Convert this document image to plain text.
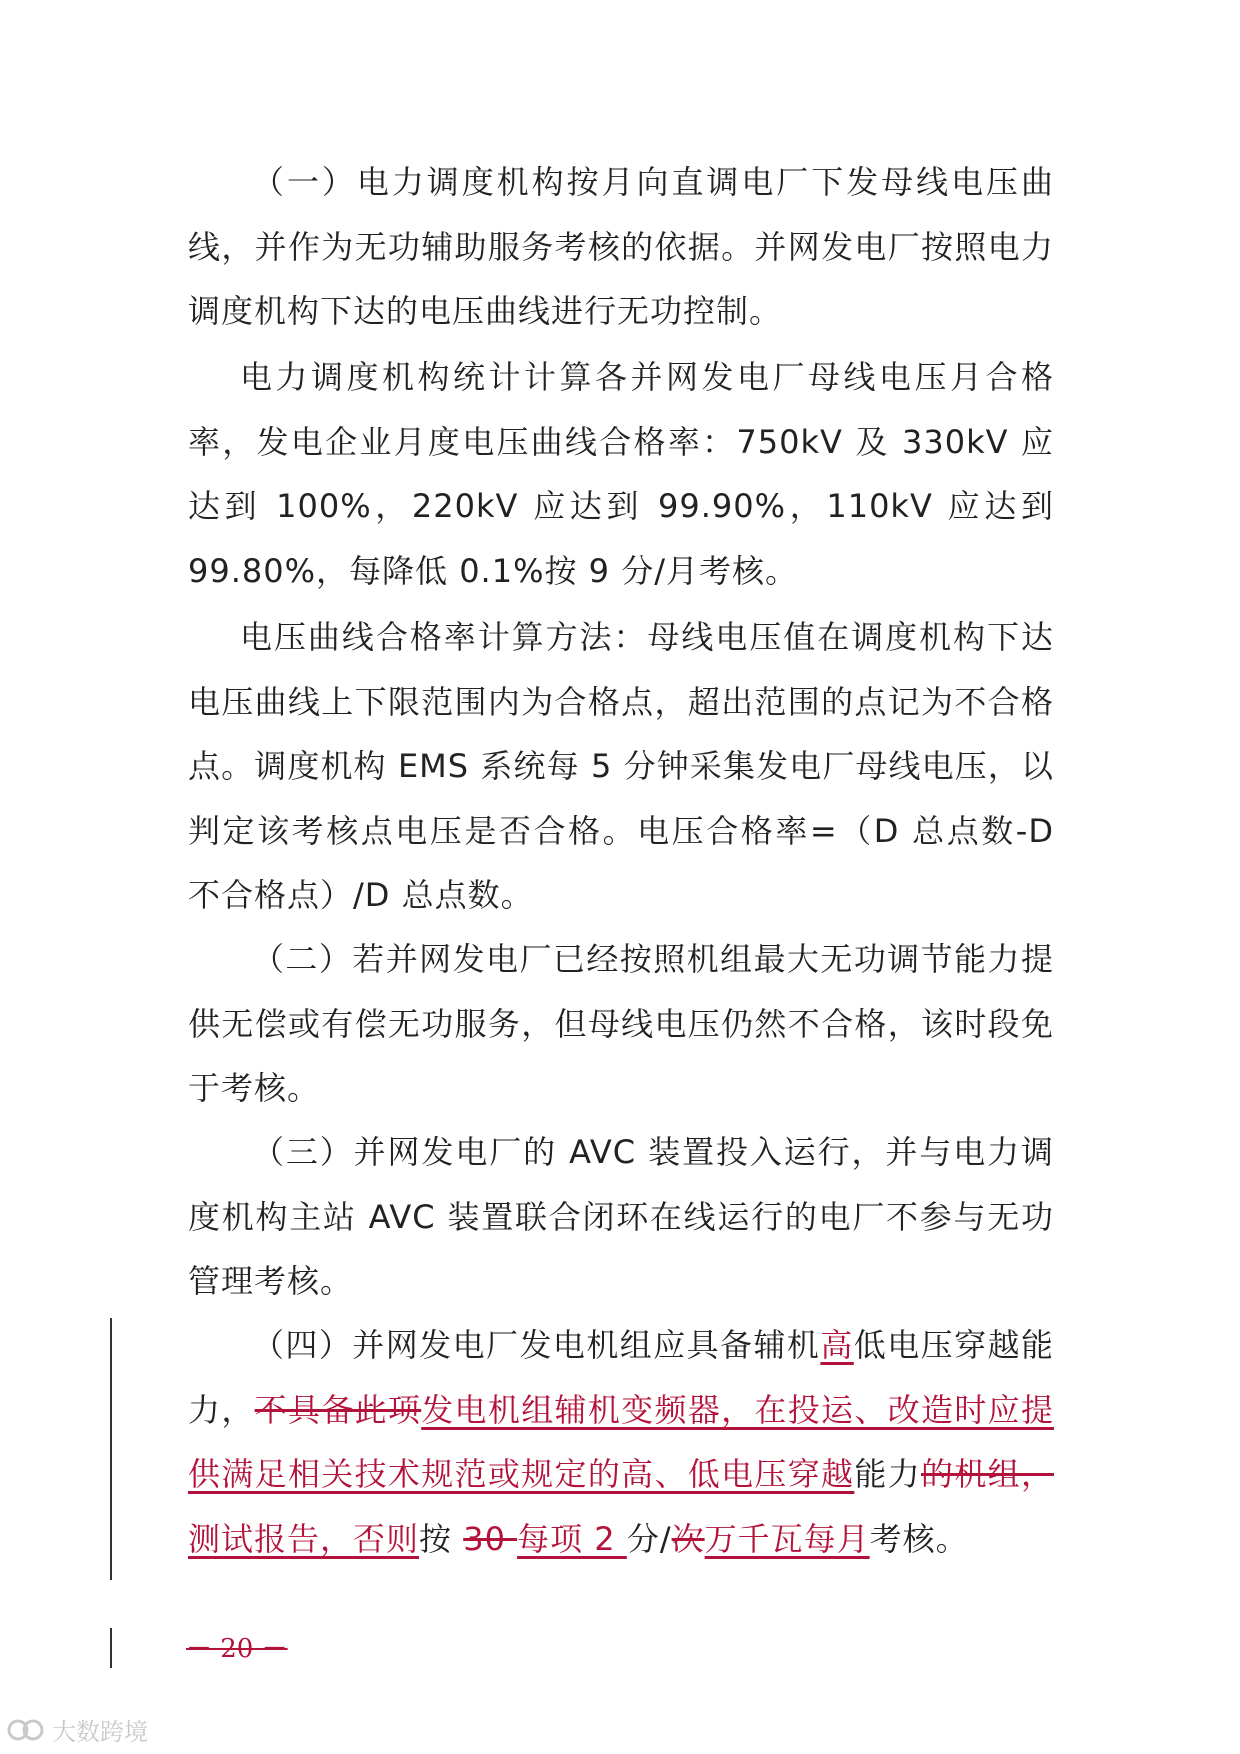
（一）电力调度机构按月向直调电厂下发母线电压曲线，并作为无功辅助服务考核的依据。并网发电厂按照电力调度机构下达的电压曲线进行无功控制。

电力调度机构统计计算各并网发电厂母线电压月合格率，发电企业月度电压曲线合格率：750kV 及 330kV 应达到 100%，220kV 应达到 99.90%，110kV 应达到 99.80%，每降低 0.1%按 9 分/月考核。

电压曲线合格率计算方法：母线电压值在调度机构下达电压曲线上下限范围内为合格点，超出范围的点记为不合格点。调度机构 EMS 系统每 5 分钟采集发电厂母线电压，以判定该考核点电压是否合格。电压合格率=（D 总点数-D 不合格点）/D 总点数。

（二）若并网发电厂已经按照机组最大无功调节能力提供无偿或有偿无功服务，但母线电压仍然不合格，该时段免于考核。

（三）并网发电厂的 AVC 装置投入运行，并与电力调度机构主站 AVC 装置联合闭环在线运行的电厂不参与无功管理考核。

（四）并网发电厂发电机组应具备辅机高低电压穿越能力，不具备此项发电机组辅机变频器，在投运、改造时应提供满足相关技术规范或规定的高、低电压穿越能力的机组，测试报告，否则按 30 每项 2 分/次万千瓦每月考核。

－ 20 －
大数跨境
